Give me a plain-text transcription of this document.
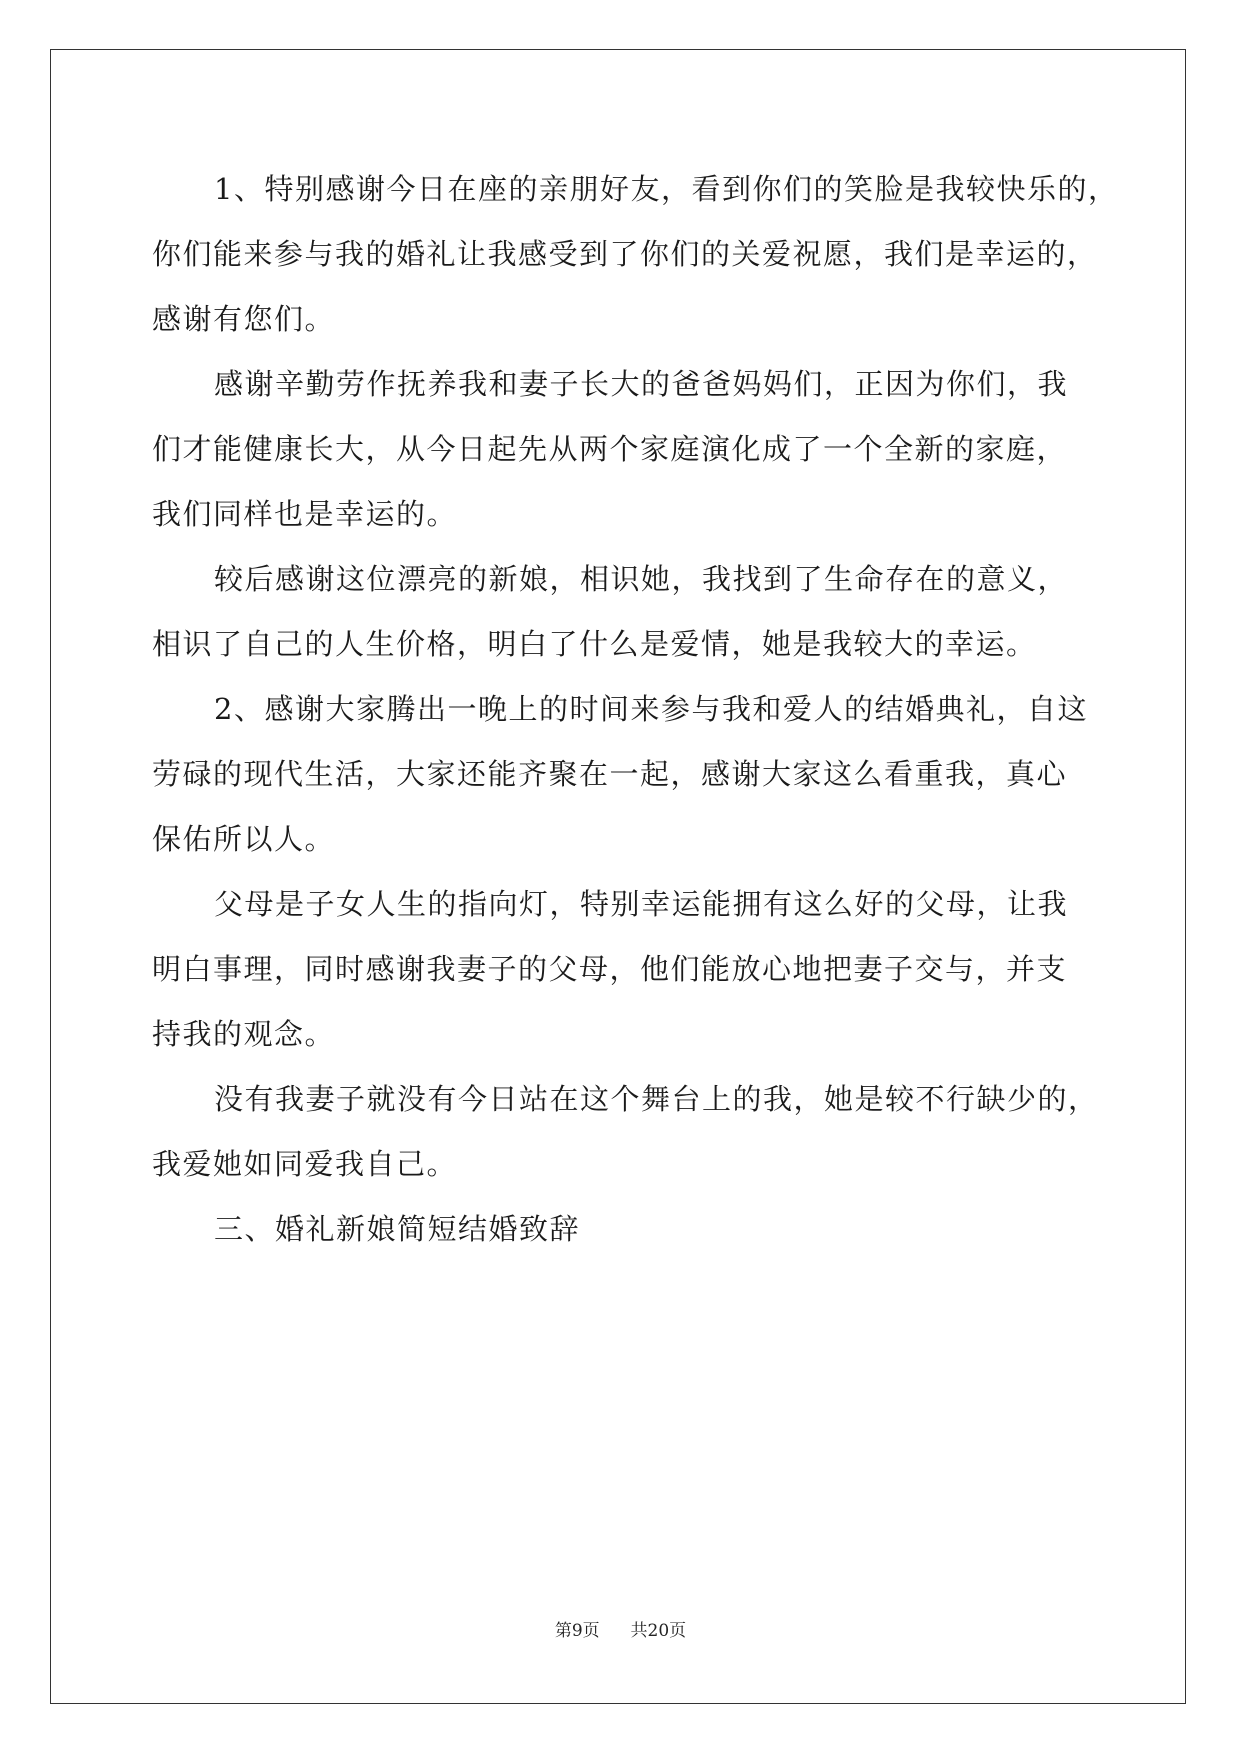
1、特别感谢今日在座的亲朋好友，看到你们的笑脸是我较快乐的，
你们能来参与我的婚礼让我感受到了你们的关爱祝愿，我们是幸运的，
感谢有您们。

感谢辛勤劳作抚养我和妻子长大的爸爸妈妈们，正因为你们，我
们才能健康长大，从今日起先从两个家庭演化成了一个全新的家庭，
我们同样也是幸运的。

较后感谢这位漂亮的新娘，相识她，我找到了生命存在的意义，
相识了自己的人生价格，明白了什么是爱情，她是我较大的幸运。

2、感谢大家腾出一晚上的时间来参与我和爱人的结婚典礼，自这
劳碌的现代生活，大家还能齐聚在一起，感谢大家这么看重我，真心
保佑所以人。

父母是子女人生的指向灯，特别幸运能拥有这么好的父母，让我
明白事理，同时感谢我妻子的父母，他们能放心地把妻子交与，并支
持我的观念。

没有我妻子就没有今日站在这个舞台上的我，她是较不行缺少的，
我爱她如同爱我自己。

三、婚礼新娘简短结婚致辞

第9页 共20页
